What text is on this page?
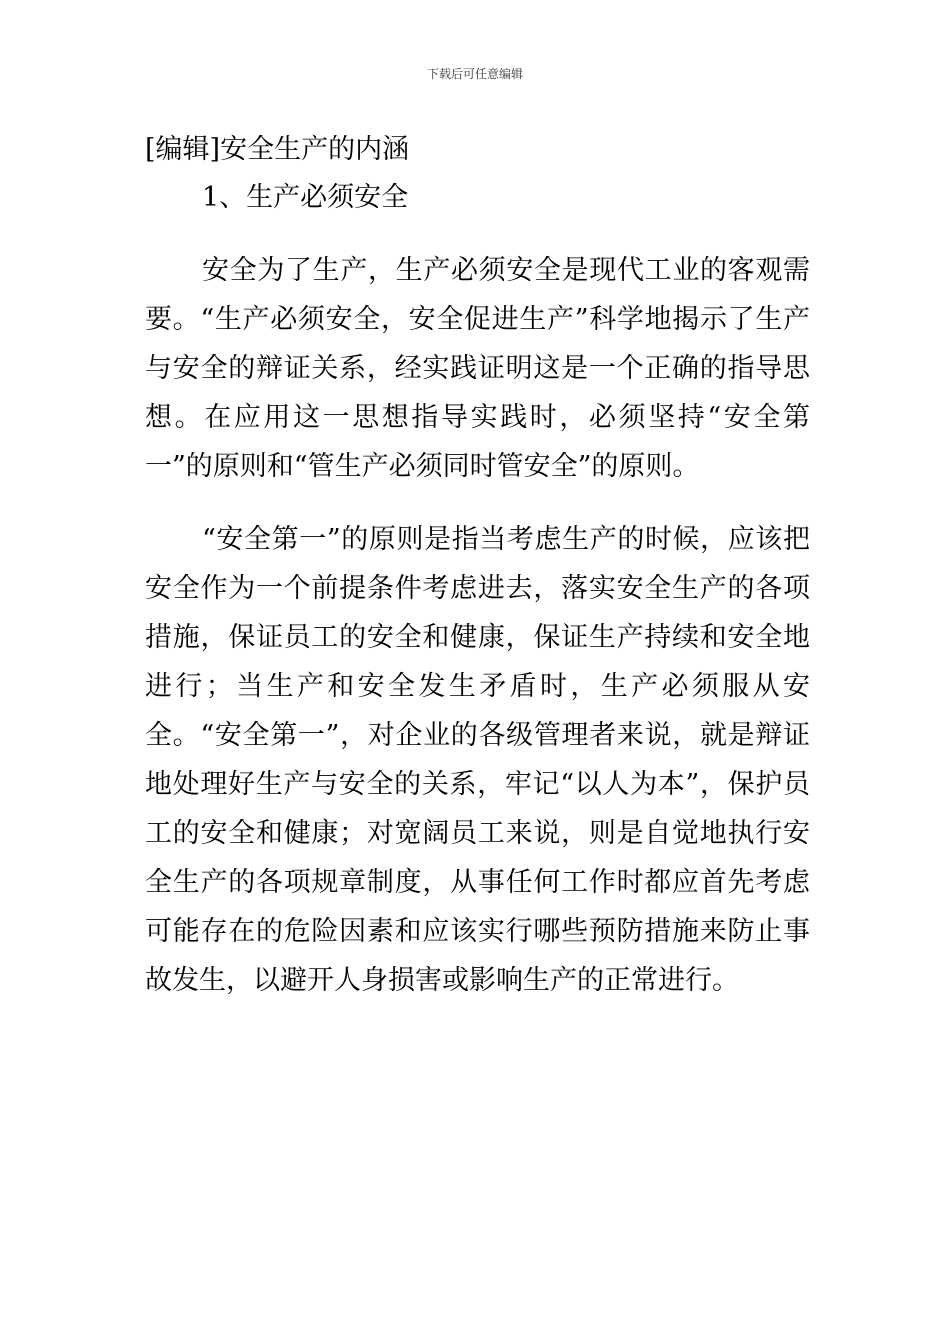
下载后可任意编辑
[编辑]安全生产的内涵
1、生产必须安全

安全为了生产，生产必须安全是现代工业的客观需要。“生产必须安全，安全促进生产”科学地揭示了生产与安全的辩证关系，经实践证明这是一个正确的指导思想。在应用这一思想指导实践时，必须坚持“安全第一”的原则和“管生产必须同时管安全”的原则。

“安全第一”的原则是指当考虑生产的时候，应该把安全作为一个前提条件考虑进去，落实安全生产的各项措施，保证员工的安全和健康，保证生产持续和安全地进行；当生产和安全发生矛盾时，生产必须服从安全。“安全第一”，对企业的各级管理者来说，就是辩证地处理好生产与安全的关系，牢记“以人为本”，保护员工的安全和健康；对宽阔员工来说，则是自觉地执行安全生产的各项规章制度，从事任何工作时都应首先考虑可能存在的危险因素和应该实行哪些预防措施来防止事故发生，以避开人身损害或影响生产的正常进行。
